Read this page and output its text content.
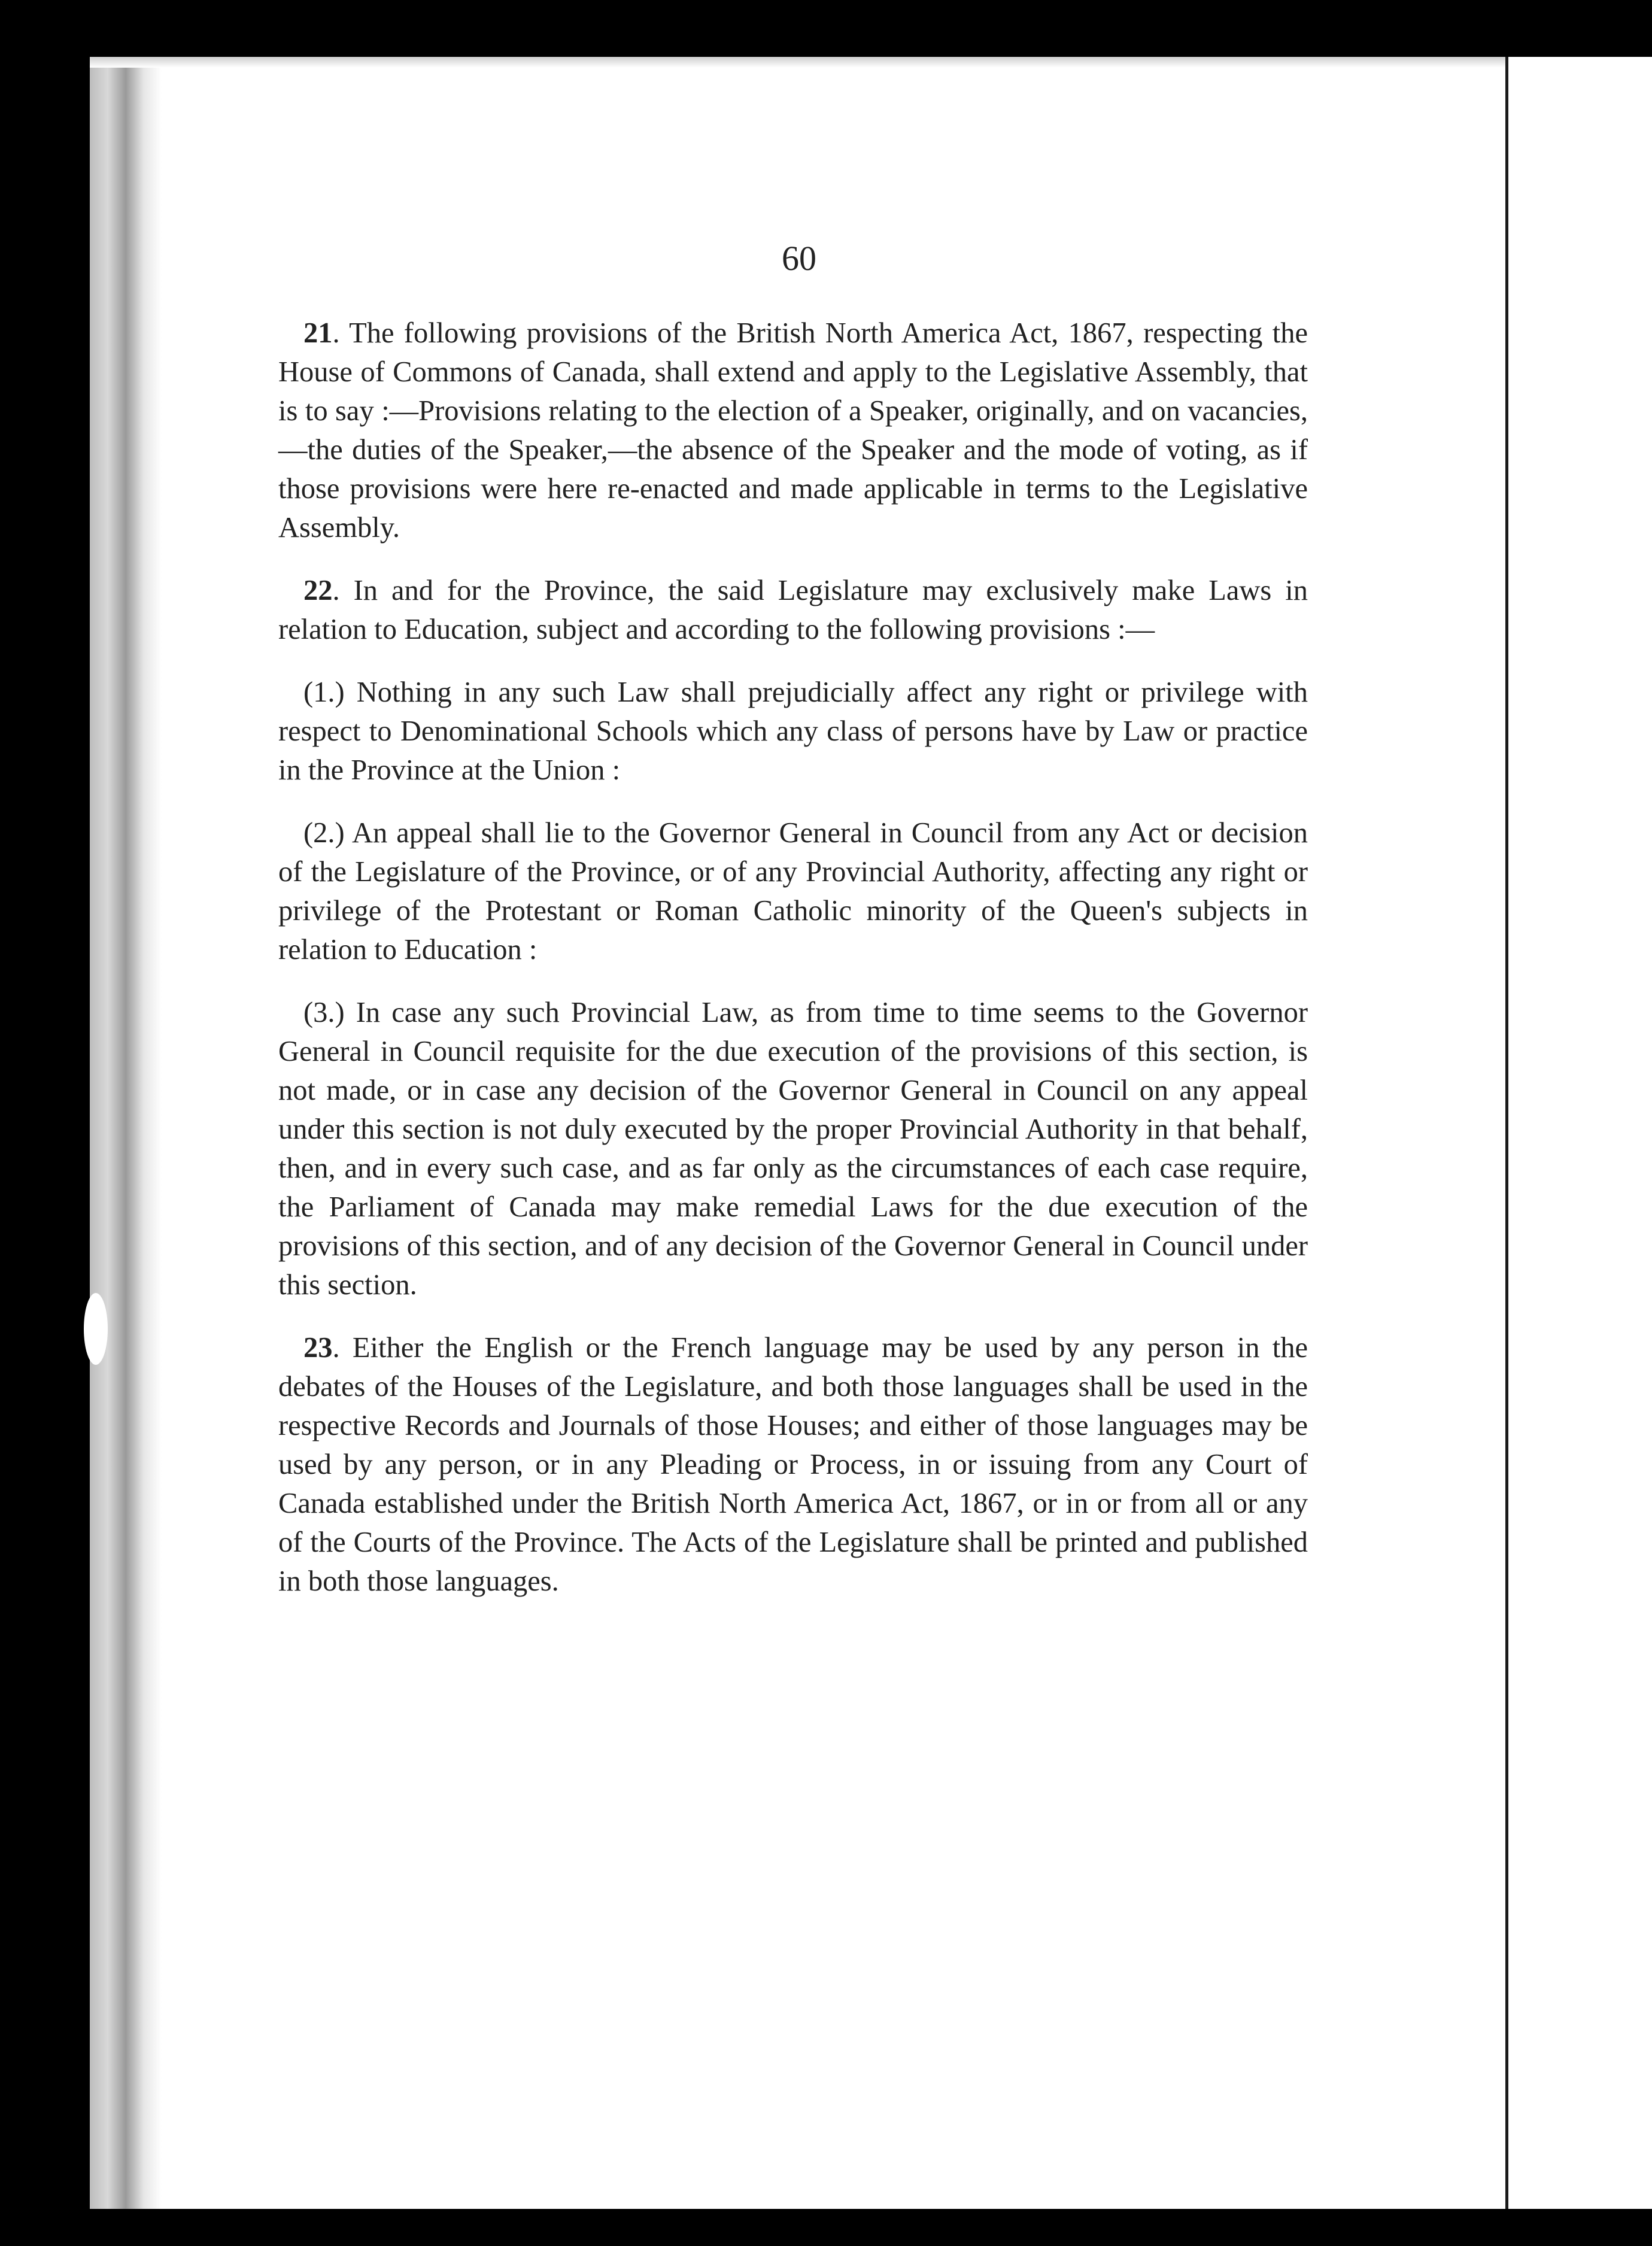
60

21. The following provisions of the British North America Act, 1867, respecting the House of Commons of Canada, shall extend and apply to the Legislative Assembly, that is to say :—Provisions relating to the election of a Speaker, originally, and on vacancies,—the duties of the Speaker,—the absence of the Speaker and the mode of voting, as if those provisions were here re-enacted and made applicable in terms to the Legislative Assembly.

22. In and for the Province, the said Legislature may exclusively make Laws in relation to Education, subject and according to the following provisions :—

(1.) Nothing in any such Law shall prejudicially affect any right or privilege with respect to Denominational Schools which any class of persons have by Law or practice in the Province at the Union :

(2.) An appeal shall lie to the Governor General in Council from any Act or decision of the Legislature of the Province, or of any Provincial Authority, affecting any right or privilege of the Protestant or Roman Catholic minority of the Queen's subjects in relation to Education :

(3.) In case any such Provincial Law, as from time to time seems to the Governor General in Council requisite for the due execution of the provisions of this section, is not made, or in case any decision of the Governor General in Council on any appeal under this section is not duly executed by the proper Provincial Authority in that behalf, then, and in every such case, and as far only as the circumstances of each case require, the Parliament of Canada may make remedial Laws for the due execution of the provisions of this section, and of any decision of the Governor General in Council under this section.

23. Either the English or the French language may be used by any person in the debates of the Houses of the Legislature, and both those languages shall be used in the respective Records and Journals of those Houses; and either of those languages may be used by any person, or in any Pleading or Process, in or issuing from any Court of Canada established under the British North America Act, 1867, or in or from all or any of the Courts of the Province. The Acts of the Legislature shall be printed and published in both those languages.
